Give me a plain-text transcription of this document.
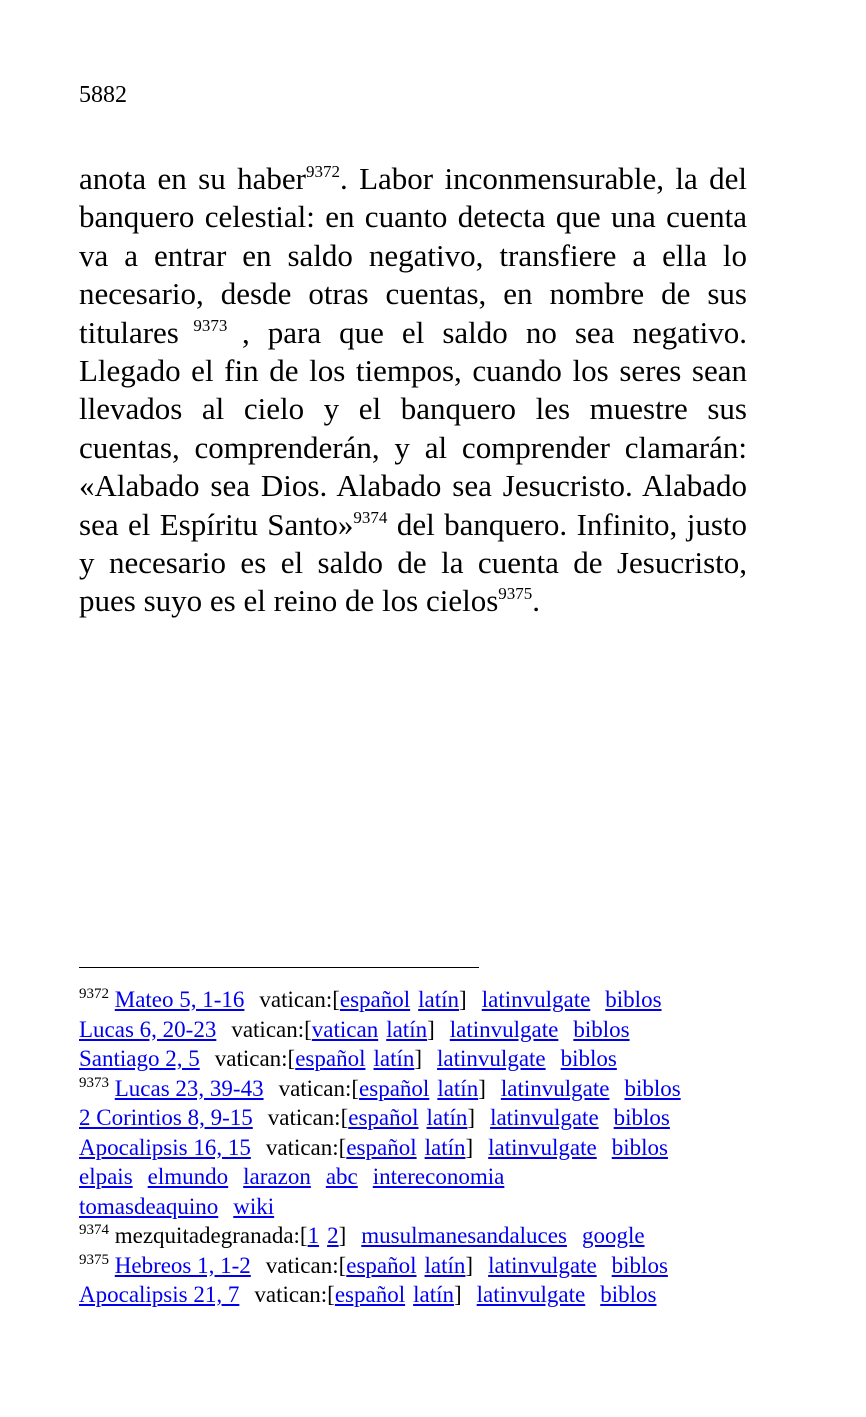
5882
anota en su haber$^{9372}$. Labor inconmensurable, la del banquero celestial: en cuanto detecta que una cuenta va a entrar en saldo negativo, transfiere a ella lo necesario, desde otras cuentas, en nombre de sus titulares $^{9373}$ , para que el saldo no sea negativo. Llegado el fin de los tiempos, cuando los seres sean llevados al cielo y el banquero les muestre sus cuentas, comprenderán, y al comprender clamarán: «Alabado sea Dios. Alabado sea Jesucristo. Alabado sea el Espíritu Santo»$^{9374}$ del banquero. Infinito, justo y necesario es el saldo de la cuenta de Jesucristo, pues suyo es el reino de los cielos$^{9375}$.
$^{9372}$ Mateo 5, 1-16 vatican:[español latín] latinvulgate biblos
Lucas 6, 20-23 vatican:[vatican latín] latinvulgate biblos
Santiago 2, 5 vatican:[español latín] latinvulgate biblos
$^{9373}$ Lucas 23, 39-43 vatican:[español latín] latinvulgate biblos
2 Corintios 8, 9-15 vatican:[español latín] latinvulgate biblos
Apocalipsis 16, 15 vatican:[español latín] latinvulgate biblos
elpais elmundo larazon abc intereconomia
tomasdeaquino wiki
$^{9374}$ mezquitadegranada:[1 2] musulmanesandaluces google
$^{9375}$ Hebreos 1, 1-2 vatican:[español latín] latinvulgate biblos
Apocalipsis 21, 7 vatican:[español latín] latinvulgate biblos
